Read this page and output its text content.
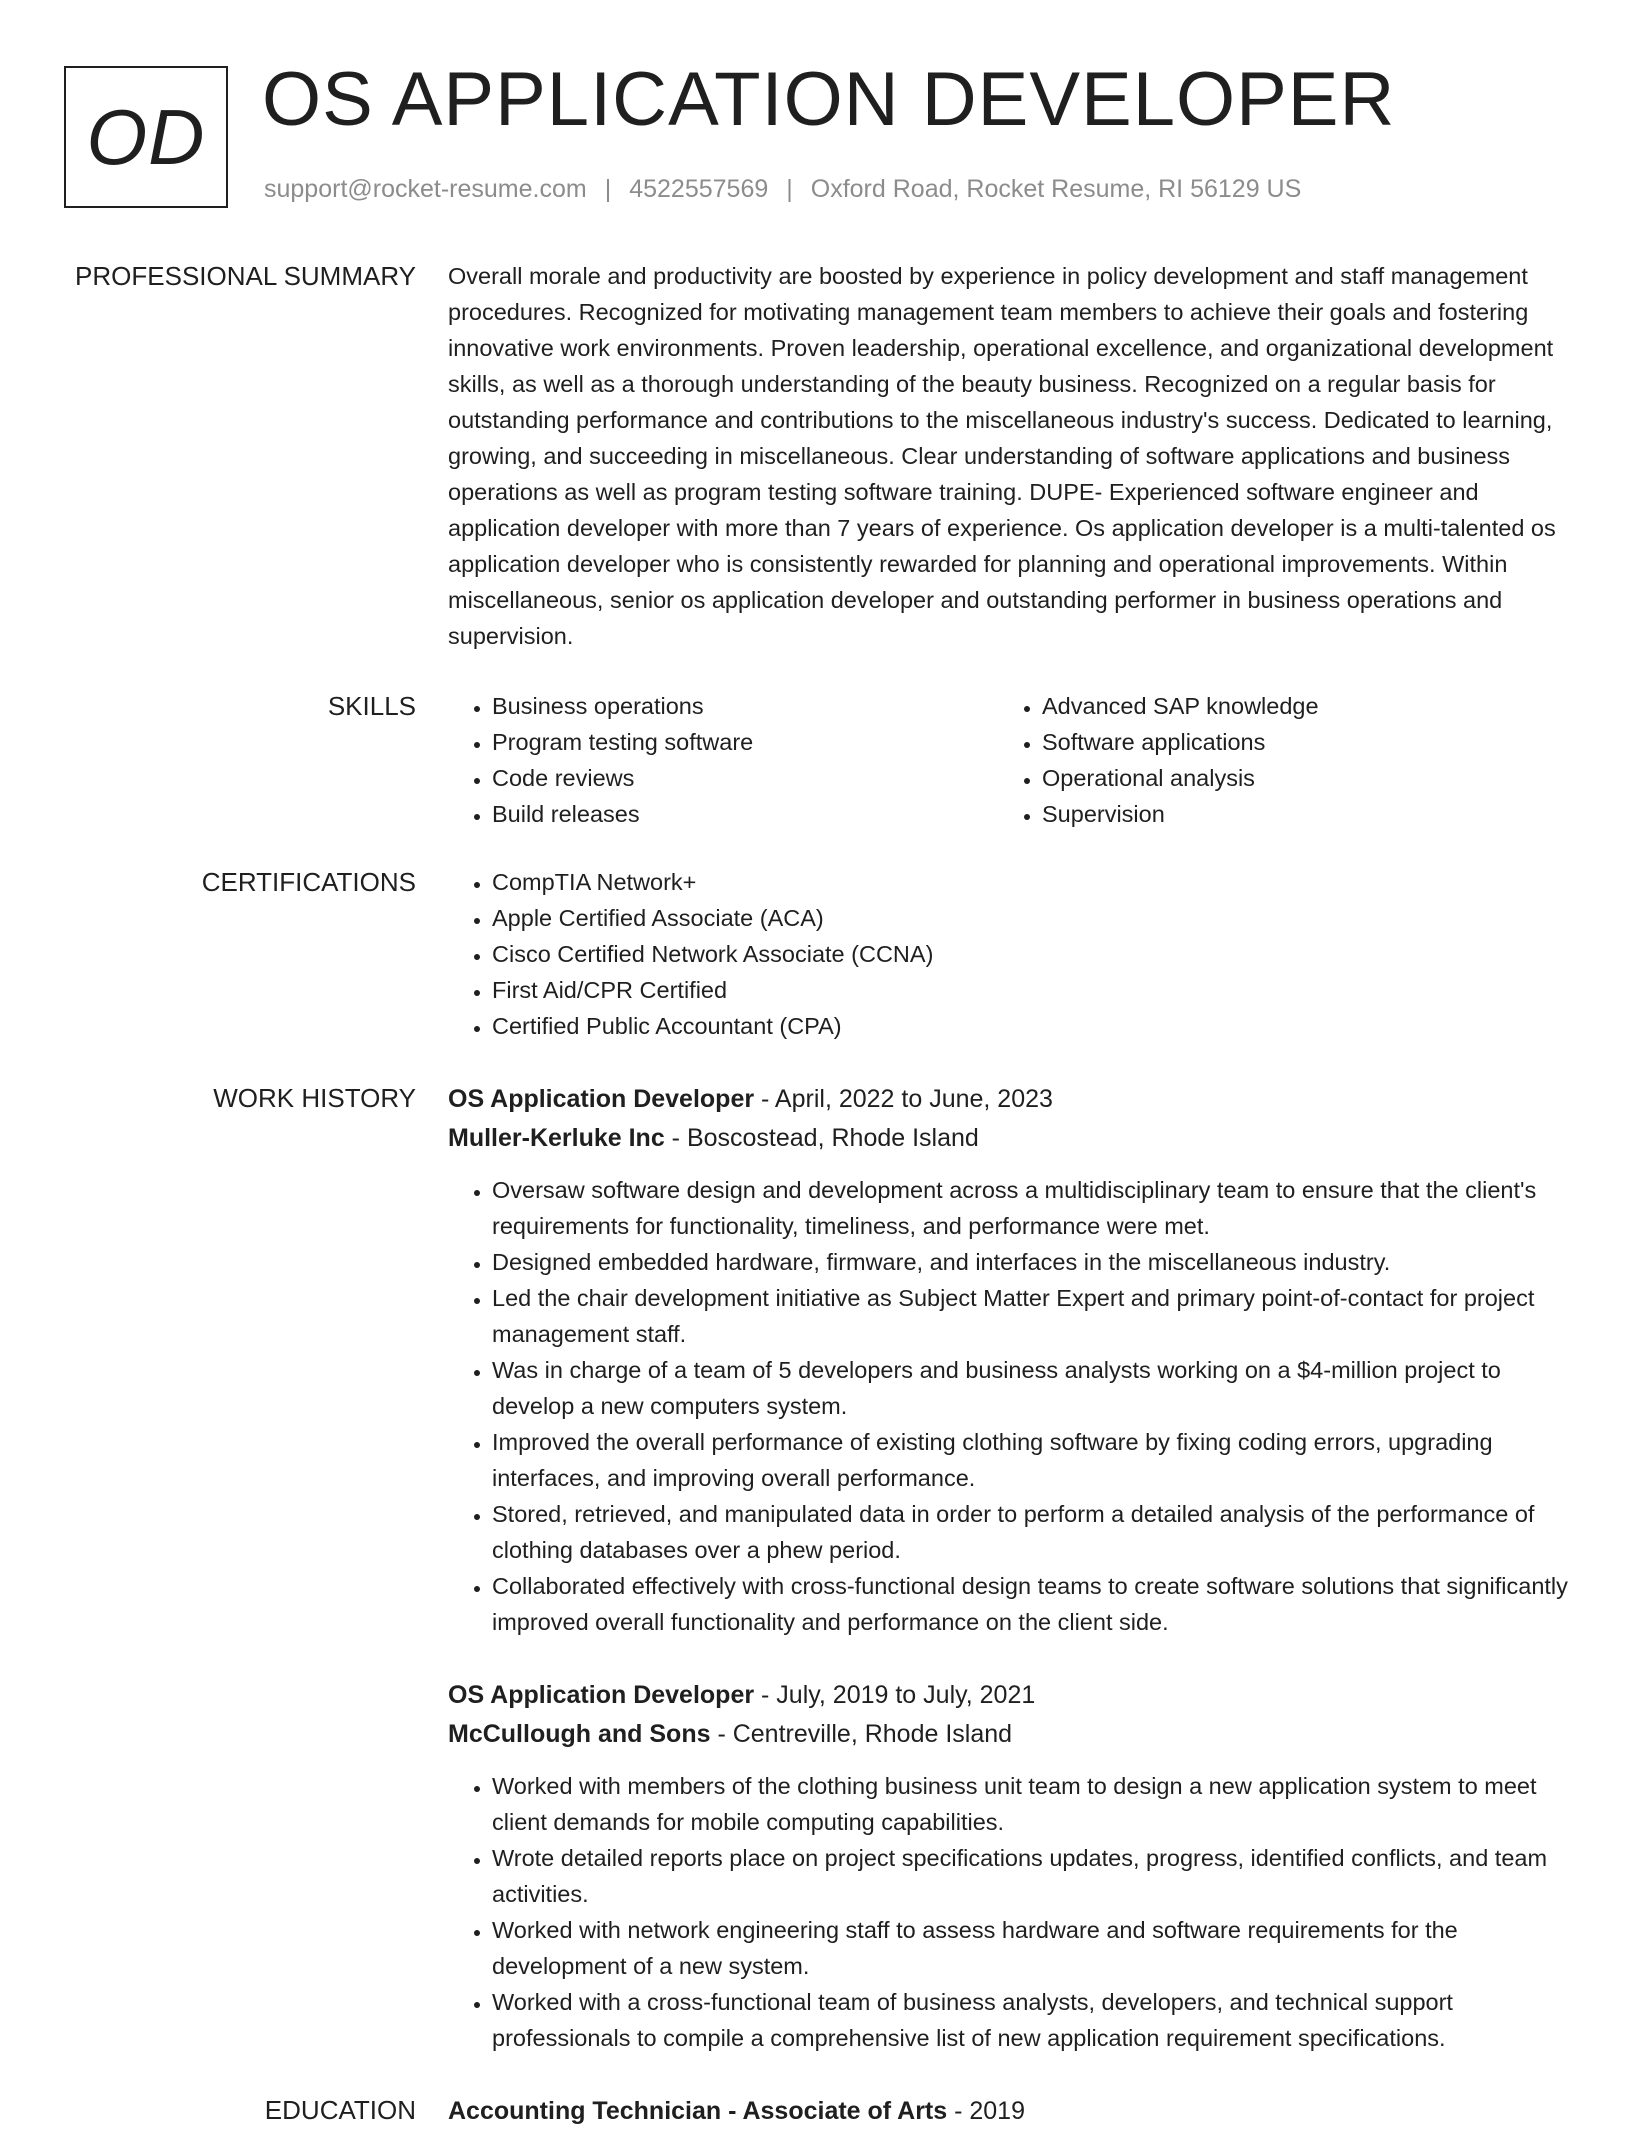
OD OS APPLICATION DEVELOPER
support@rocket-resume.com | 4522557569 | Oxford Road, Rocket Resume, RI 56129 US
PROFESSIONAL SUMMARY Overall morale and productivity are boosted by experience in policy development and staff management procedures. Recognized for motivating management team members to achieve their goals and fostering innovative work environments. Proven leadership, operational excellence, and organizational development skills, as well as a thorough understanding of the beauty business. Recognized on a regular basis for outstanding performance and contributions to the miscellaneous industry's success. Dedicated to learning, growing, and succeeding in miscellaneous. Clear understanding of software applications and business operations as well as program testing software training. DUPE- Experienced software engineer and application developer with more than 7 years of experience. Os application developer is a multi-talented os application developer who is consistently rewarded for planning and operational improvements. Within miscellaneous, senior os application developer and outstanding performer in business operations and supervision.

SKILLS	• Business operations
• Program testing software
• Code reviews
• Build releases
• Advanced SAP knowledge
• Software applications
• Operational analysis
• Supervision
CERTIFICATIONS	• CompTIA Network+
• Apple Certified Associate (ACA)
• Cisco Certified Network Associate (CCNA)
• First Aid/CPR Certified
• Certified Public Accountant (CPA)
WORK HISTORY OS Application Developer - April, 2022 to June, 2023
Muller-Kerluke Inc - Boscostead, Rhode Island
• Oversaw software design and development across a multidisciplinary team to ensure that the client's requirements for functionality, timeliness, and performance were met.
• Designed embedded hardware, firmware, and interfaces in the miscellaneous industry.
• Led the chair development initiative as Subject Matter Expert and primary point-of-contact for project management staff.
• Was in charge of a team of 5 developers and business analysts working on a $4-million project to develop a new computers system.
• Improved the overall performance of existing clothing software by fixing coding errors, upgrading interfaces, and improving overall performance.
• Stored, retrieved, and manipulated data in order to perform a detailed analysis of the performance of clothing databases over a phew period.
• Collaborated effectively with cross-functional design teams to create software solutions that significantly improved overall functionality and performance on the client side.
OS Application Developer - July, 2019 to July, 2021
McCullough and Sons - Centreville, Rhode Island
• Worked with members of the clothing business unit team to design a new application system to meet client demands for mobile computing capabilities.
• Wrote detailed reports place on project specifications updates, progress, identified conflicts, and team activities.
• Worked with network engineering staff to assess hardware and software requirements for the development of a new system.
• Worked with a cross-functional team of business analysts, developers, and technical support professionals to compile a comprehensive list of new application requirement specifications.
EDUCATION Accounting Technician - Associate of Arts - 2019
